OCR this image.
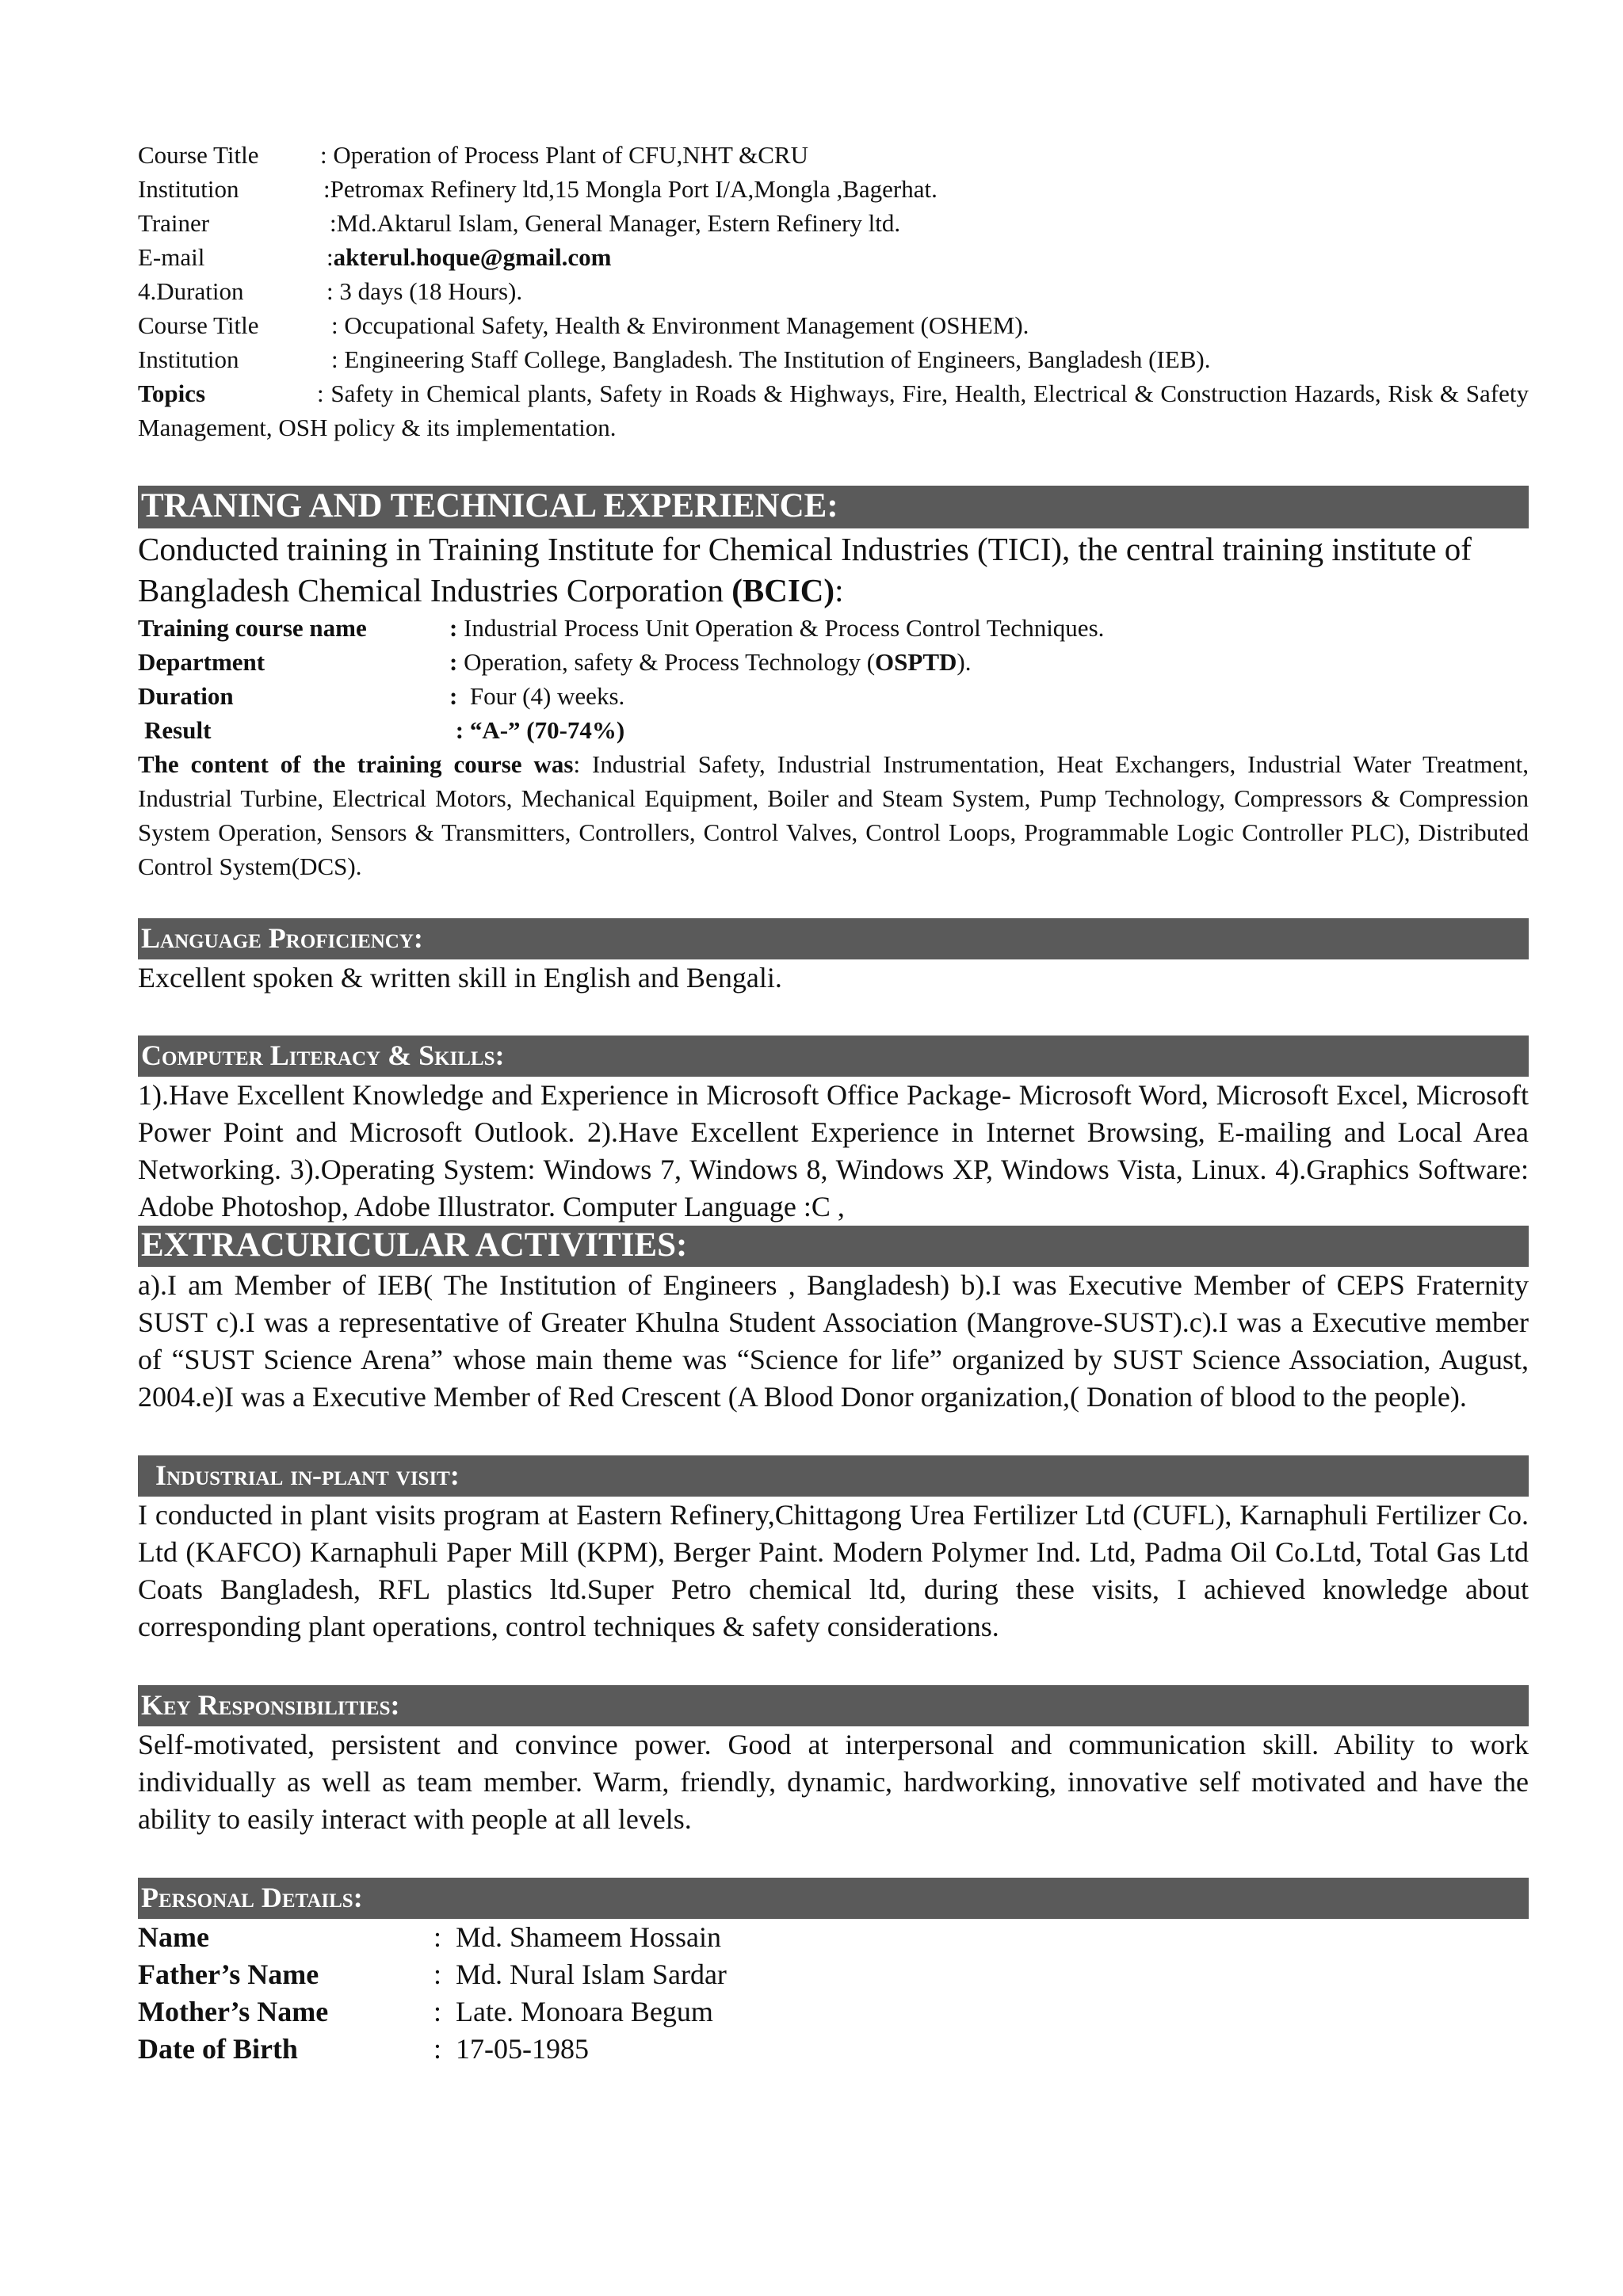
Course Title	: Operation of Process Plant of CFU,NHT &CRU
Institution	: Petromax Refinery ltd,15 Mongla Port I/A,Mongla ,Bagerhat.
Trainer	: Md.Aktarul Islam, General Manager, Estern Refinery ltd.
E-mail	: akterul.hoque@gmail.com
4.Duration	: 3 days (18 Hours).
Course Title	: Occupational Safety, Health & Environment Management (OSHEM).
Institution	: Engineering Staff College, Bangladesh. The Institution of Engineers, Bangladesh (IEB).
Topics	: Safety in Chemical plants, Safety in Roads & Highways, Fire, Health, Electrical & Construction Hazards, Risk & Safety Management, OSH policy & its implementation.
TRANING AND TECHNICAL EXPERIENCE:
Conducted training in Training Institute for Chemical Industries (TICI), the central training institute of Bangladesh Chemical Industries Corporation (BCIC):
Training course name	: Industrial Process Unit Operation & Process Control Techniques.
Department	: Operation, safety & Process Technology ( OSPTD ).
Duration	: Four (4) weeks.
Result	: “A-” (70-74%)
The content of the training course was: Industrial Safety, Industrial Instrumentation, Heat Exchangers, Industrial Water Treatment, Industrial Turbine, Electrical Motors, Mechanical Equipment, Boiler and Steam System, Pump Technology, Compressors & Compression System Operation, Sensors & Transmitters, Controllers, Control Valves, Control Loops, Programmable Logic Controller PLC), Distributed Control System(DCS).
Language Proficiency:
Excellent spoken & written skill in English and Bengali.
Computer Literacy & Skills:
1).Have Excellent Knowledge and Experience in Microsoft Office Package- Microsoft Word, Microsoft Excel, Microsoft Power Point and Microsoft Outlook. 2).Have Excellent Experience in Internet Browsing, E-mailing and Local Area Networking. 3).Operating System: Windows 7, Windows 8, Windows XP, Windows Vista, Linux. 4).Graphics Software: Adobe Photoshop, Adobe Illustrator. Computer Language :C ,
EXTRACURICULAR ACTIVITIES:
a).I am Member of IEB( The Institution of Engineers , Bangladesh) b).I was Executive Member of CEPS Fraternity SUST c).I was a representative of Greater Khulna Student Association (Mangrove-SUST).c).I was a Executive member of “SUST Science Arena” whose main theme was “Science for life” organized by SUST Science Association, August, 2004.e)I was a Executive Member of Red Crescent (A Blood Donor organization,( Donation of blood to the people).
Industrial in-plant visit:
I conducted in plant visits program at Eastern Refinery,Chittagong Urea Fertilizer Ltd (CUFL), Karnaphuli Fertilizer Co. Ltd (KAFCO) Karnaphuli Paper Mill (KPM), Berger Paint. Modern Polymer Ind. Ltd, Padma Oil Co.Ltd, Total Gas Ltd Coats Bangladesh, RFL plastics ltd.Super Petro chemical ltd, during these visits, I achieved knowledge about corresponding plant operations, control techniques & safety considerations.
Key Responsibilities:
Self-motivated, persistent and convince power. Good at interpersonal and communication skill. Ability to work individually as well as team member. Warm, friendly, dynamic, hardworking, innovative self motivated and have the ability to easily interact with people at all levels.
Personal Details:
Name	:  Md. Shameem Hossain
Father’s Name	:  Md. Nural Islam Sardar
Mother’s Name	:  Late. Monoara Begum
Date of Birth	:  17-05-1985
